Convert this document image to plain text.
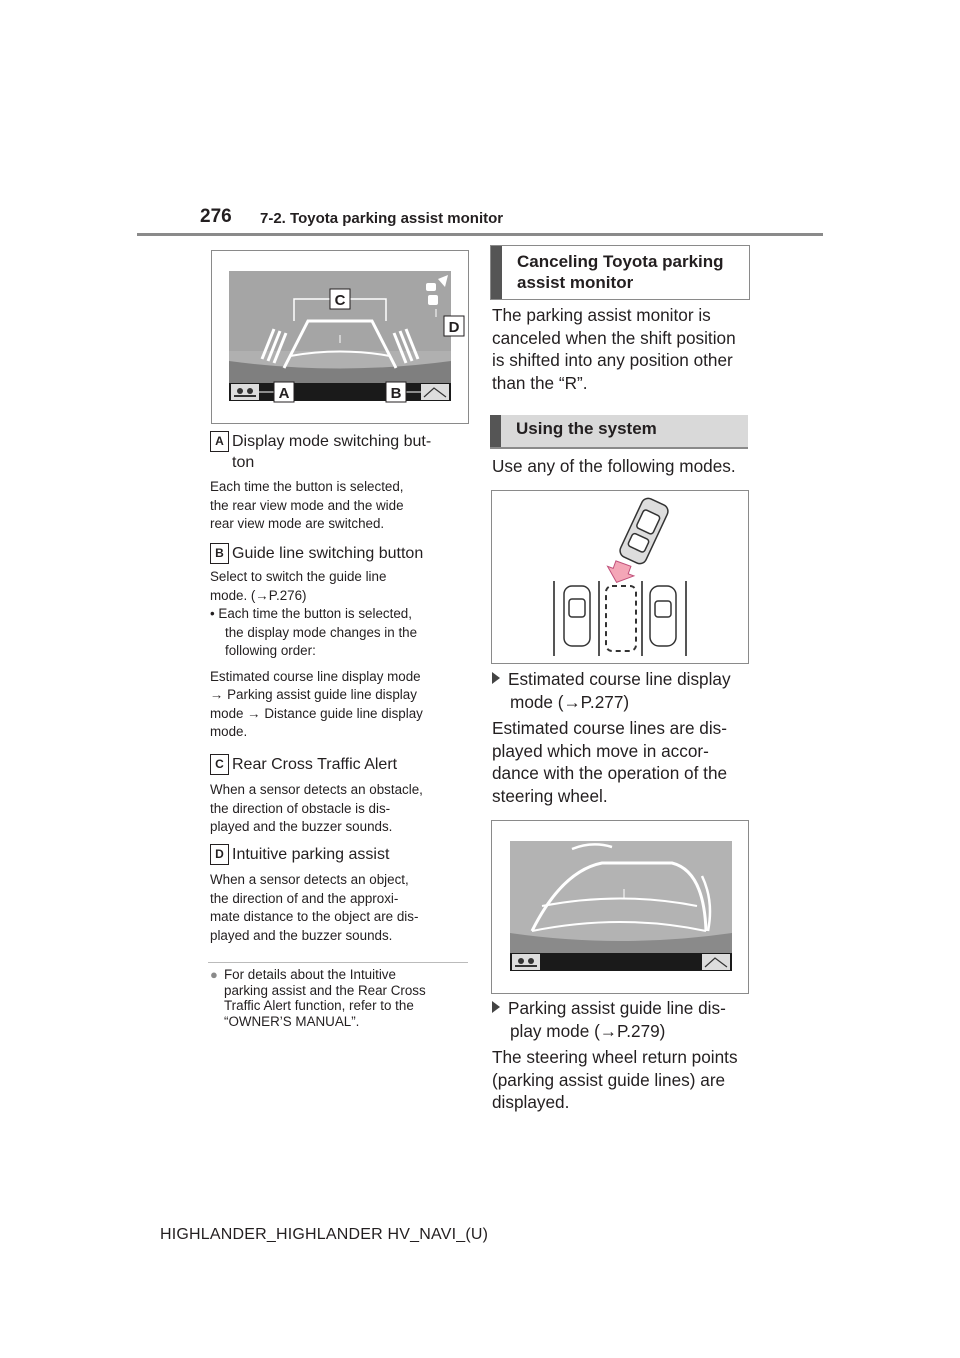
276 7-2. Toyota parking assist monitor
C
D
A	B
A Display mode switching but-
ton
Each time the button is selected,
the rear view mode and the wide
rear view mode are switched.
B Guide line switching button
Select to switch the guide line
mode. (→P.276)
• Each time the button is selected,
the display mode changes in the
following order:
Estimated course line display mode
→ Parking assist guide line display
mode → Distance guide line display
mode.
C Rear Cross Traffic Alert
When a sensor detects an obstacle,
the direction of obstacle is dis-
played and the buzzer sounds.
D Intuitive parking assist
When a sensor detects an object,
the direction of and the approxi-
mate distance to the object are dis-
played and the buzzer sounds.
● For details about the Intuitive
parking assist and the Rear Cross
Traffic Alert function, refer to the
“OWNER’S MANUAL”.
Canceling Toyota parking
assist monitor
The parking assist monitor is
canceled when the shift position
is shifted into any position other
than the “R”.
Using the system
Use any of the following modes.
Estimated course line display
mode (→P.277)
Estimated course lines are dis-
played which move in accor-
dance with the operation of the
steering wheel.
Parking assist guide line dis-
play mode (→P.279)
The steering wheel return points
(parking assist guide lines) are
displayed.
HIGHLANDER_HIGHLANDER HV_NAVI_(U)
